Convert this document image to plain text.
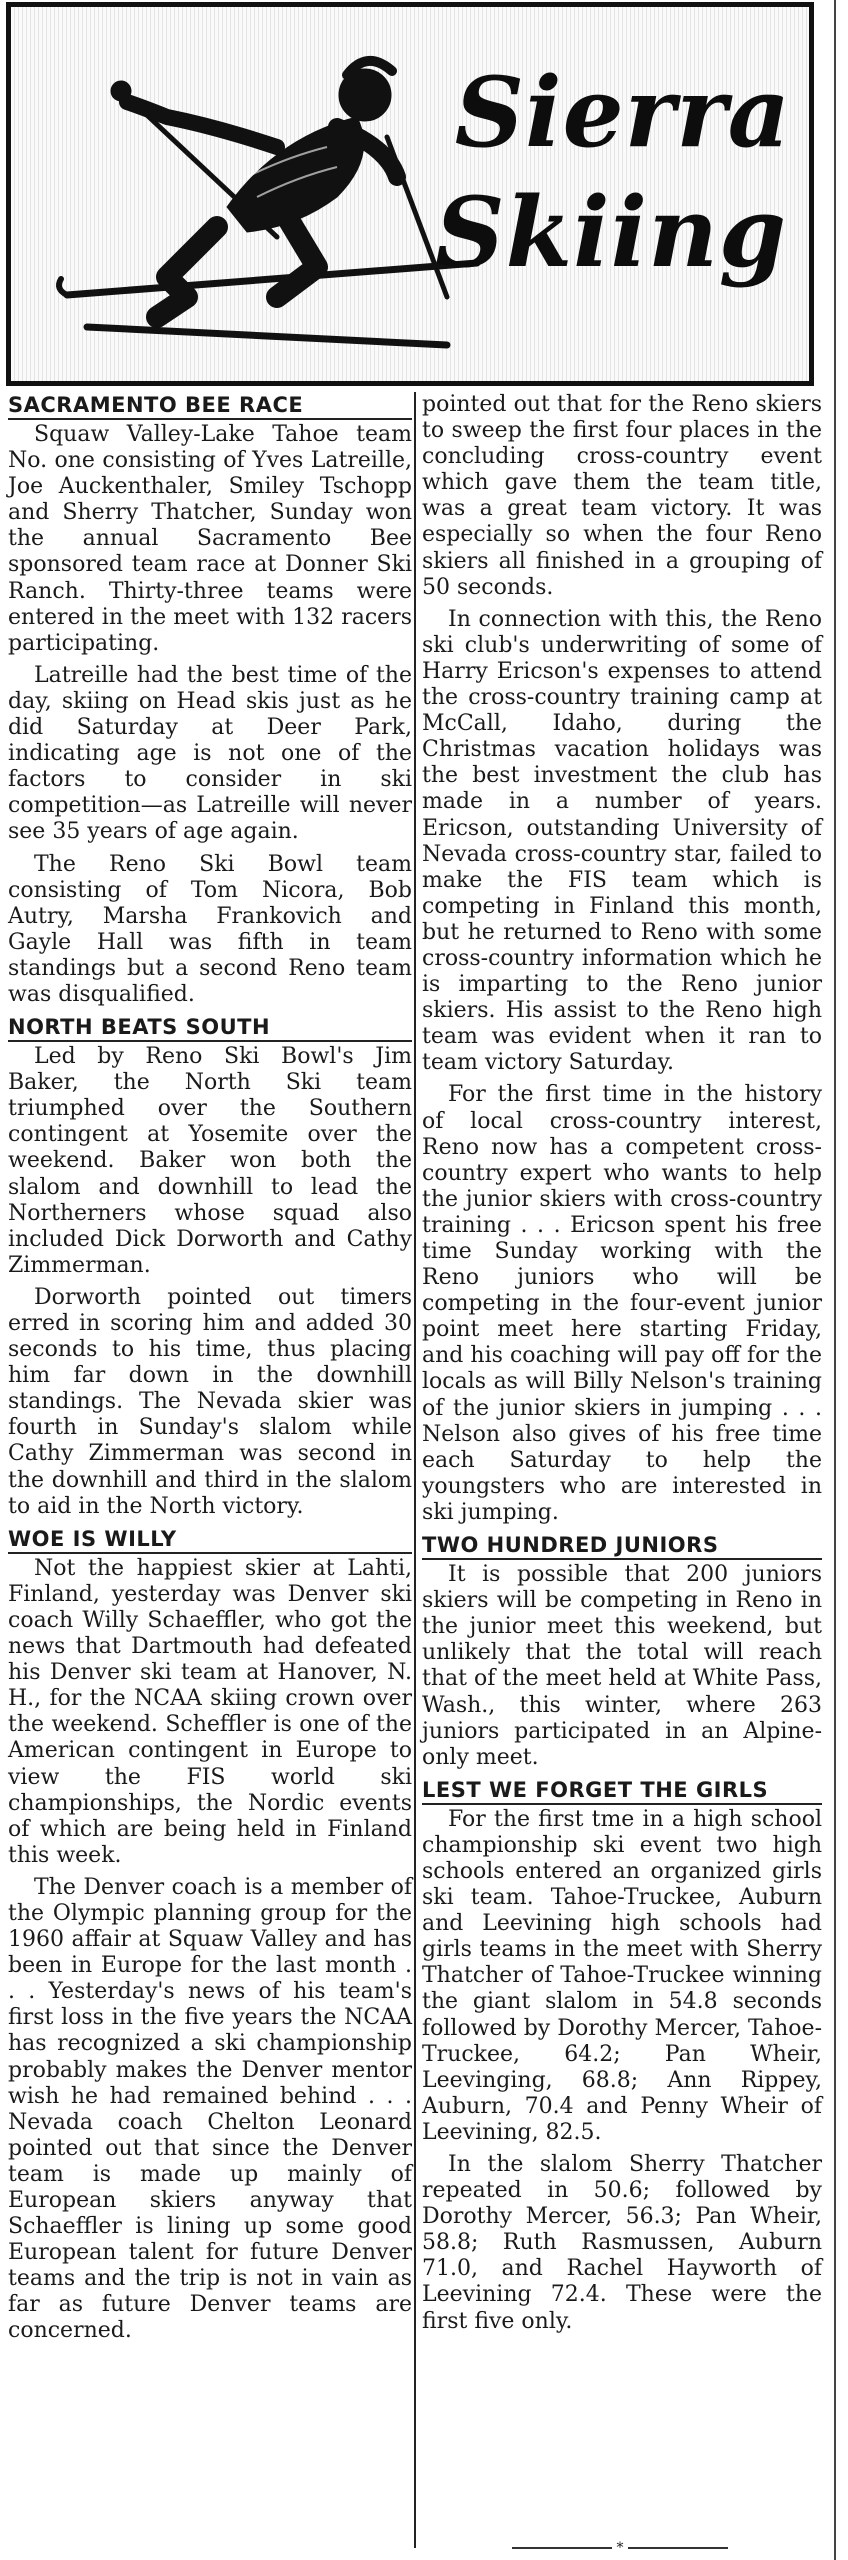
Sierra
Skiing
SACRAMENTO BEE RACE

Squaw Valley-Lake Tahoe team No. one consisting of Yves Latreille, Joe Auckenthaler, Smiley Tschopp and Sherry Thatcher, Sunday won the annual Sacramento Bee sponsored team race at Donner Ski Ranch. Thirty-three teams were entered in the meet with 132 racers participating.

Latreille had the best time of the day, skiing on Head skis just as he did Saturday at Deer Park, indicating age is not one of the factors to consider in ski competition—as Latreille will never see 35 years of age again.

The Reno Ski Bowl team consisting of Tom Nicora, Bob Autry, Marsha Frankovich and Gayle Hall was fifth in team standings but a second Reno team was disqualified.

NORTH BEATS SOUTH

Led by Reno Ski Bowl's Jim Baker, the North Ski team triumphed over the Southern contingent at Yosemite over the weekend. Baker won both the slalom and downhill to lead the Northerners whose squad also included Dick Dorworth and Cathy Zimmerman.

Dorworth pointed out timers erred in scoring him and added 30 seconds to his time, thus placing him far down in the downhill standings. The Nevada skier was fourth in Sunday's slalom while Cathy Zimmerman was second in the downhill and third in the slalom to aid in the North victory.

WOE IS WILLY

Not the happiest skier at Lahti, Finland, yesterday was Denver ski coach Willy Schaeffler, who got the news that Dartmouth had defeated his Denver ski team at Hanover, N. H., for the NCAA skiing crown over the weekend. Scheffler is one of the American contingent in Europe to view the FIS world ski championships, the Nordic events of which are being held in Finland this week.

The Denver coach is a member of the Olympic planning group for the 1960 affair at Squaw Valley and has been in Europe for the last month . . . Yesterday's news of his team's first loss in the five years the NCAA has recognized a ski championship probably makes the Denver mentor wish he had remained behind . . . Nevada coach Chelton Leonard pointed out that since the Denver team is made up mainly of European skiers anyway that Schaeffler is lining up some good European talent for future Denver teams and the trip is not in vain as far as future Denver teams are concerned.

pointed out that for the Reno skiers to sweep the first four places in the concluding cross-country event which gave them the team title, was a great team victory. It was especially so when the four Reno skiers all finished in a grouping of 50 seconds.

In connection with this, the Reno ski club's underwriting of some of Harry Ericson's expenses to attend the cross-country training camp at McCall, Idaho, during the Christmas vacation holidays was the best investment the club has made in a number of years. Ericson, outstanding University of Nevada cross-country star, failed to make the FIS team which is competing in Finland this month, but he returned to Reno with some cross-country information which he is imparting to the Reno junior skiers. His assist to the Reno high team was evident when it ran to team victory Saturday.

For the first time in the history of local cross-country interest, Reno now has a competent cross-country expert who wants to help the junior skiers with cross-country training . . . Ericson spent his free time Sunday working with the Reno juniors who will be competing in the four-event junior point meet here starting Friday, and his coaching will pay off for the locals as will Billy Nelson's training of the junior skiers in jumping . . . Nelson also gives of his free time each Saturday to help the youngsters who are interested in ski jumping.

TWO HUNDRED JUNIORS

It is possible that 200 juniors skiers will be competing in Reno in the junior meet this weekend, but unlikely that the total will reach that of the meet held at White Pass, Wash., this winter, where 263 juniors participated in an Alpine-only meet.

LEST WE FORGET THE GIRLS

For the first tme in a high school championship ski event two high schools entered an organized girls ski team. Tahoe-Truckee, Auburn and Leevining high schools had girls teams in the meet with Sherry Thatcher of Tahoe-Truckee winning the giant slalom in 54.8 seconds followed by Dorothy Mercer, Tahoe-Truckee, 64.2; Pan Wheir, Leevinging, 68.8; Ann Rippey, Auburn, 70.4 and Penny Wheir of Leevining, 82.5.

In the slalom Sherry Thatcher repeated in 50.6; followed by Dorothy Mercer, 56.3; Pan Wheir, 58.8; Ruth Rasmussen, Auburn 71.0, and Rachel Hayworth of Leevining 72.4. These were the first five only.

*
